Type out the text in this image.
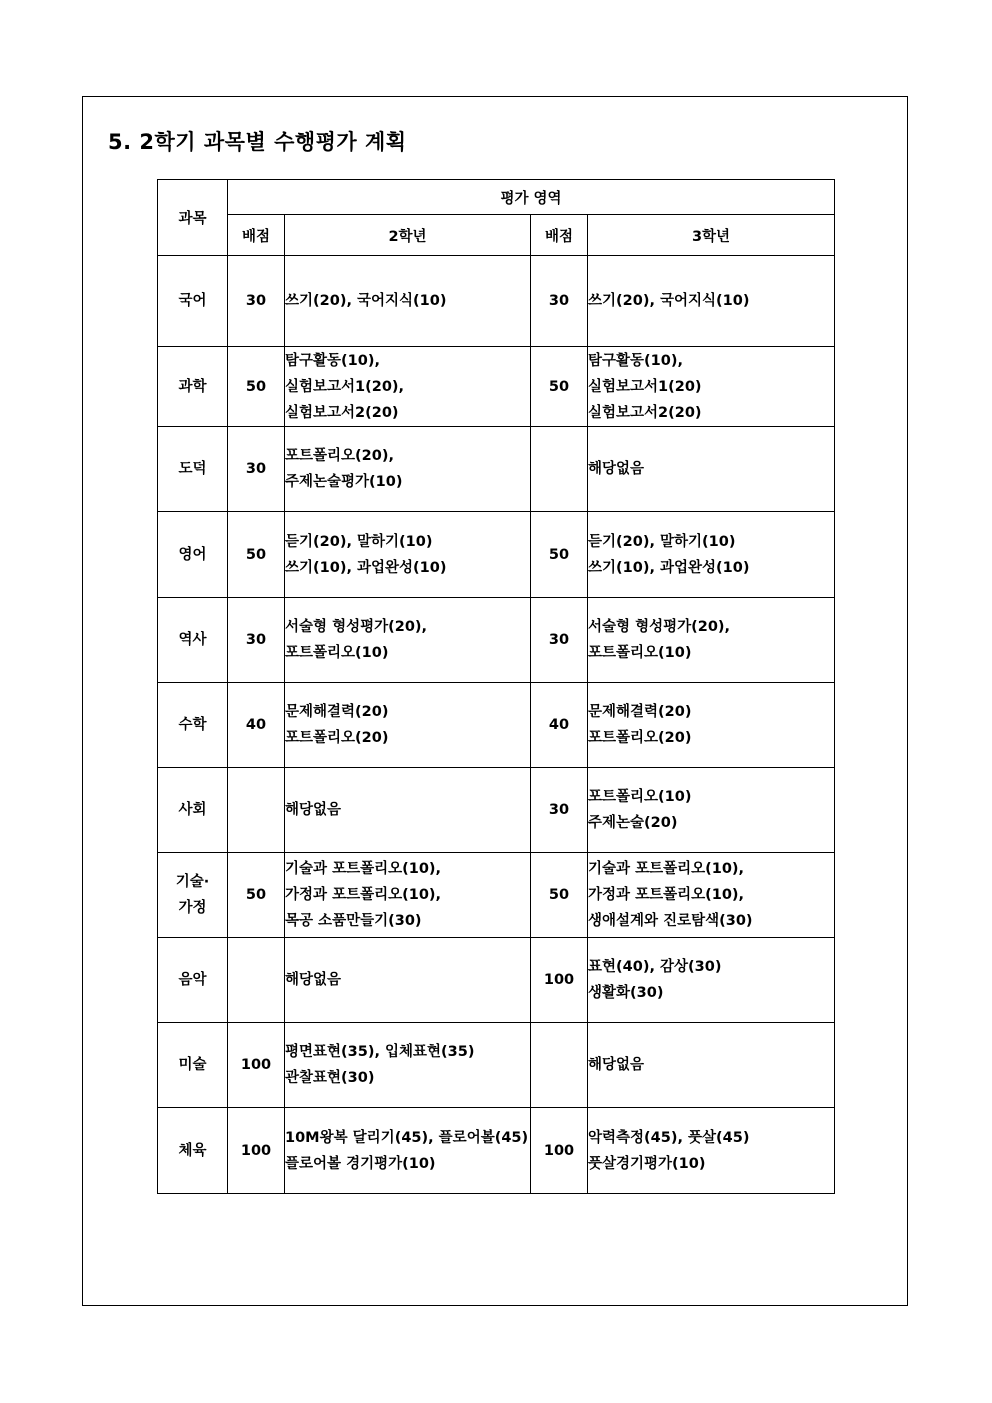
5. 2학기 과목별 수행평가 계획
과목	평가 영역			
	배점	2학년	배점	3학년

국어	30	쓰기(20), 국어지식(10)	30	쓰기(20), 국어지식(10)

과학	50	탐구활동(10),
실험보고서1(20),
실험보고서2(20)	50	탐구활동(10),
실험보고서1(20)
실험보고서2(20)

도덕	30	포트폴리오(20),
주제논술평가(10)		해당없음

영어	50	듣기(20), 말하기(10)
쓰기(10), 과업완성(10)	50	듣기(20), 말하기(10)
쓰기(10), 과업완성(10)

역사	30	서술형 형성평가(20),
포트폴리오(10)	30	서술형 형성평가(20),
포트폴리오(10)

수학	40	문제해결력(20)
포트폴리오(20)	40	문제해결력(20)
포트폴리오(20)

사회		해당없음	30	포트폴리오(10)
주제논술(20)

기술·
가정	50	기술과 포트폴리오(10),
가정과 포트폴리오(10),
목공 소품만들기(30)	50	기술과 포트폴리오(10),
가정과 포트폴리오(10),
생애설계와 진로탐색(30)

음악		해당없음	100	표현(40), 감상(30)
생활화(30)

미술	100	평면표현(35), 입체표현(35)
관찰표현(30)		해당없음

체육	100	10M왕복 달리기(45), 플로어볼(45)
플로어볼 경기평가(10)	100	악력측정(45), 풋살(45)
풋살경기평가(10)
